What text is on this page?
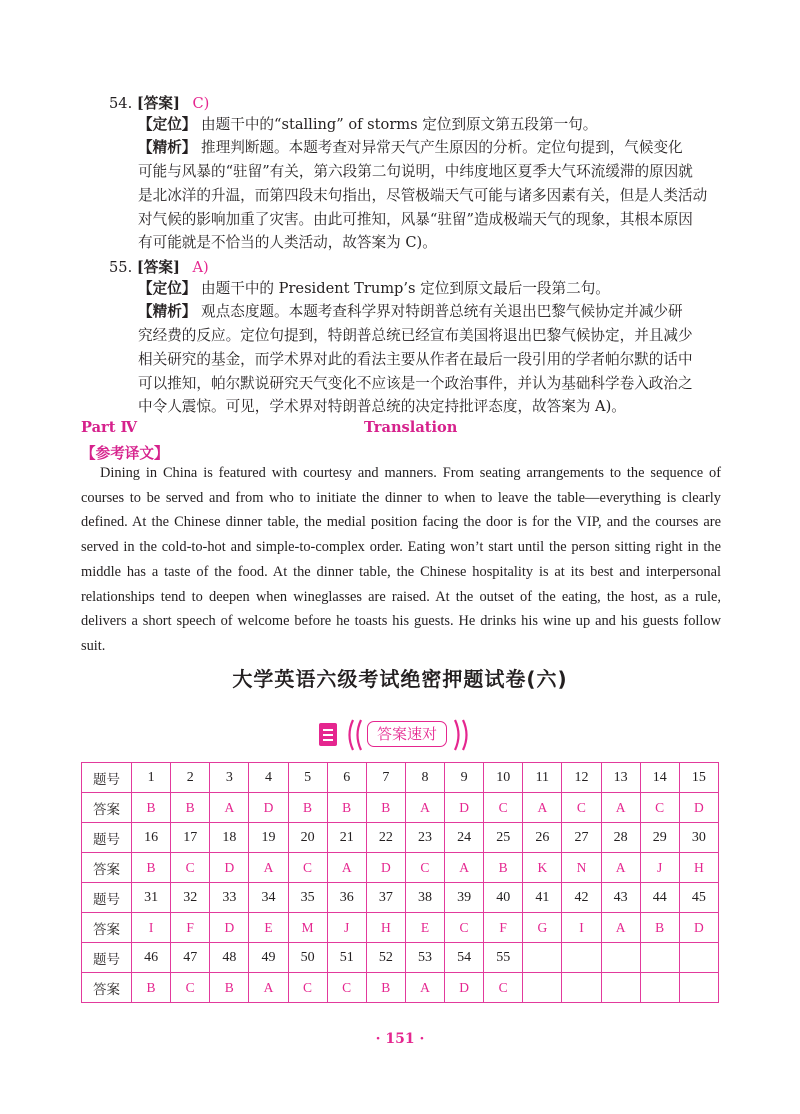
54. [答案] C)
【定位】 由题干中的“stalling” of storms 定位到原文第五段第一句。
【精析】 推理判断题。本题考查对异常天气产生原因的分析。定位句提到，气候变化
可能与风暴的“驻留”有关，第六段第二句说明，中纬度地区夏季大气环流缓滞的原因就
是北冰洋的升温，而第四段末句指出，尽管极端天气可能与诸多因素有关，但是人类活动
对气候的影响加重了灾害。由此可推知，风暴“驻留”造成极端天气的现象，其根本原因
有可能就是不恰当的人类活动，故答案为 C)。
55. [答案] A)
【定位】 由题干中的 President Trump’s 定位到原文最后一段第二句。
【精析】 观点态度题。本题考查科学界对特朗普总统有关退出巴黎气候协定并减少研
究经费的反应。定位句提到，特朗普总统已经宣布美国将退出巴黎气候协定，并且减少
相关研究的基金，而学术界对此的看法主要从作者在最后一段引用的学者帕尔默的话中
可以推知，帕尔默说研究天气变化不应该是一个政治事件，并认为基础科学卷入政治之
中令人震惊。可见，学术界对特朗普总统的决定持批评态度，故答案为 A)。
Part Ⅳ	Translation
【参考译文】
Dining in China is featured with courtesy and manners. From seating arrangements to the sequence of courses to be served and from who to initiate the dinner to when to leave the table—everything is clearly defined. At the Chinese dinner table, the medial position facing the door is for the VIP, and the courses are served in the cold-to-hot and simple-to-complex order. Eating won’t start until the person sitting right in the middle has a taste of the food. At the dinner table, the Chinese hospitality is at its best and interpersonal relationships tend to deepen when wineglasses are raised. At the outset of the eating, the host, as a rule, delivers a short speech of welcome before he toasts his guests. He drinks his wine up and his guests follow suit.
大学英语六级考试绝密押题试卷(六)
答案速对
题号	1	2	3	4	5	6	7	8	9	10	11	12	13	14	15
答案	B	B	A	D	B	B	B	A	D	C	A	C	A	C	D
题号	16	17	18	19	20	21	22	23	24	25	26	27	28	29	30
答案	B	C	D	A	C	A	D	C	A	B	K	N	A	J	H
题号	31	32	33	34	35	36	37	38	39	40	41	42	43	44	45
答案	I	F	D	E	M	J	H	E	C	F	G	I	A	B	D
题号	46	47	48	49	50	51	52	53	54	55					
答案	B	C	B	A	C	C	B	A	D	C					
· 151 ·
